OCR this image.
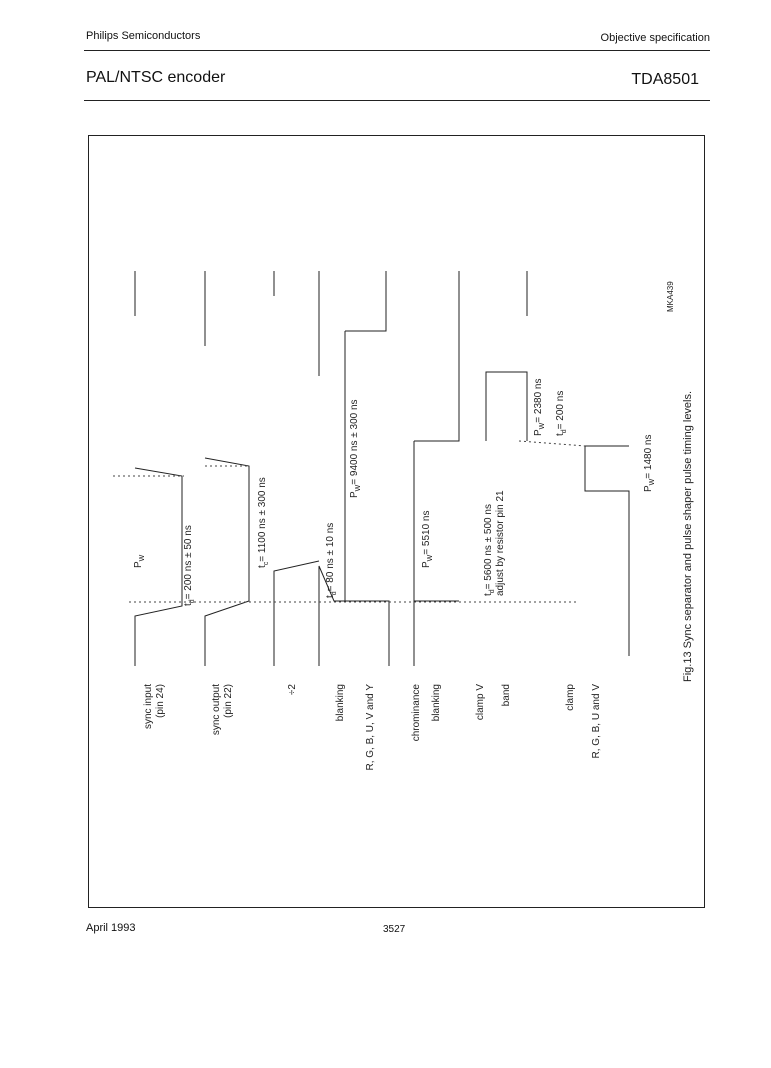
Philips Semiconductors	Objective specification
PAL/NTSC encoder	TDA8501
sync input (pin 24)	sync output (pin 22)	÷2	blanking R, G, B, U, V and Y	chrominance blanking	clamp V band	clamp R, G, B, U and V
$P_W$
$t_d= 200$ ns ± 50 ns	$t_c= 1100$ ns ± 300 ns
$t_d= 80$ ns ± 10 ns
$P_W= 9400$ ns ± 300 ns
$P_W= 5510$ ns
$t_d= 5600$ ns ± 500 ns adjust by resistor pin 21
$P_W= 2380$ ns
$t_d= 200$ ns
$P_W= 1480$ ns
MKA439
Fig.13 Sync separator and pulse shaper pulse timing levels.
April 1993	3527
